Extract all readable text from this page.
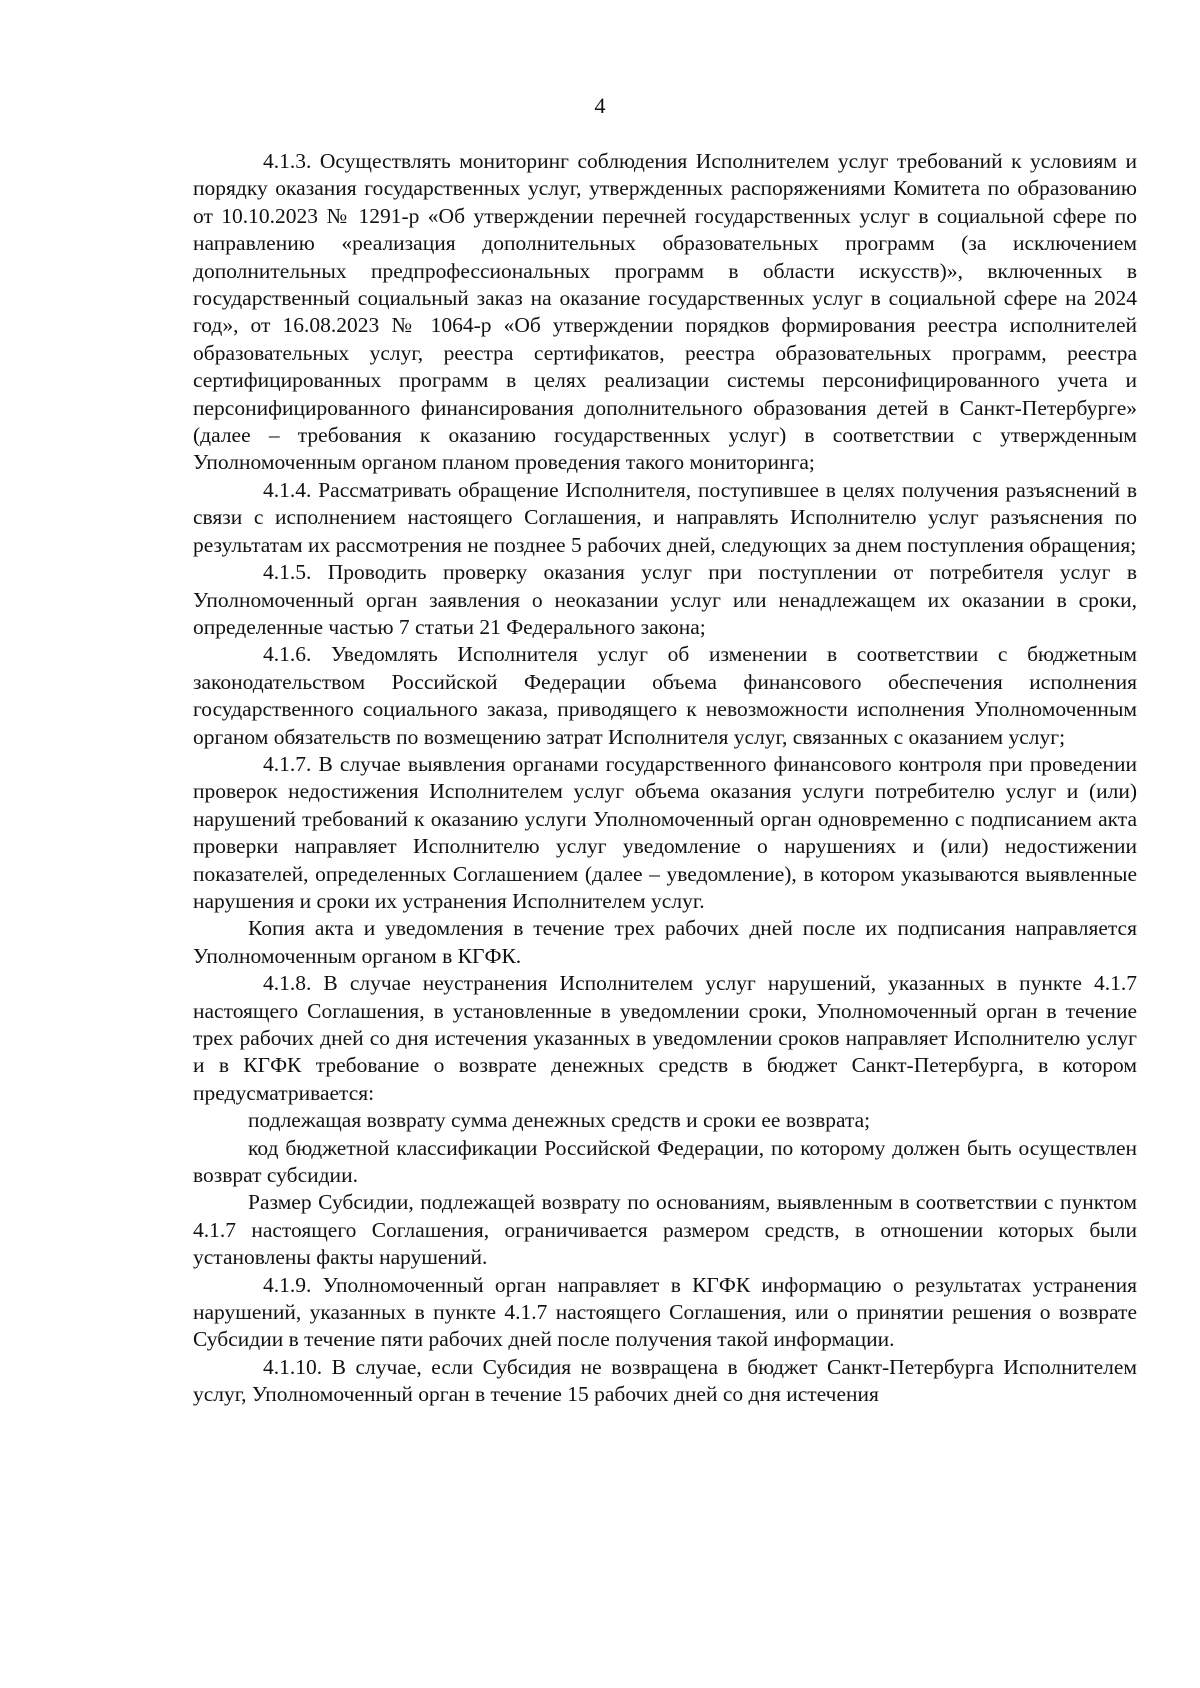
4

4.1.3. Осуществлять мониторинг соблюдения Исполнителем услуг требований к условиям и порядку оказания государственных услуг, утвержденных распоряжениями Комитета по образованию от 10.10.2023 № 1291-р «Об утверждении перечней государственных услуг в социальной сфере по направлению «реализация дополнительных образовательных программ (за исключением дополнительных предпрофессиональных программ в области искусств)», включенных в государственный социальный заказ на оказание государственных услуг в социальной сфере на 2024 год», от 16.08.2023 № 1064-р «Об утверждении порядков формирования реестра исполнителей образовательных услуг, реестра сертификатов, реестра образовательных программ, реестра сертифицированных программ в целях реализации системы персонифицированного учета и персонифицированного финансирования дополнительного образования детей в Санкт-Петербурге» (далее – требования к оказанию государственных услуг) в соответствии с утвержденным Уполномоченным органом планом проведения такого мониторинга;

4.1.4. Рассматривать обращение Исполнителя, поступившее в целях получения разъяснений в связи с исполнением настоящего Соглашения, и направлять Исполнителю услуг разъяснения по результатам их рассмотрения не позднее 5 рабочих дней, следующих за днем поступления обращения;

4.1.5. Проводить проверку оказания услуг при поступлении от потребителя услуг в Уполномоченный орган заявления о неоказании услуг или ненадлежащем их оказании в сроки, определенные частью 7 статьи 21 Федерального закона;

4.1.6. Уведомлять Исполнителя услуг об изменении в соответствии с бюджетным законодательством Российской Федерации объема финансового обеспечения исполнения государственного социального заказа, приводящего к невозможности исполнения Уполномоченным органом обязательств по возмещению затрат Исполнителя услуг, связанных с оказанием услуг;

4.1.7. В случае выявления органами государственного финансового контроля при проведении проверок недостижения Исполнителем услуг объема оказания услуги потребителю услуг и (или) нарушений требований к оказанию услуги Уполномоченный орган одновременно с подписанием акта проверки направляет Исполнителю услуг уведомление о нарушениях и (или) недостижении показателей, определенных Соглашением (далее – уведомление), в котором указываются выявленные нарушения и сроки их устранения Исполнителем услуг.

Копия акта и уведомления в течение трех рабочих дней после их подписания направляется Уполномоченным органом в КГФК.

4.1.8. В случае неустранения Исполнителем услуг нарушений, указанных в пункте 4.1.7 настоящего Соглашения, в установленные в уведомлении сроки, Уполномоченный орган в течение трех рабочих дней со дня истечения указанных в уведомлении сроков направляет Исполнителю услуг и в КГФК требование о возврате денежных средств в бюджет Санкт-Петербурга, в котором предусматривается:

подлежащая возврату сумма денежных средств и сроки ее возврата;

код бюджетной классификации Российской Федерации, по которому должен быть осуществлен возврат субсидии.

Размер Субсидии, подлежащей возврату по основаниям, выявленным в соответствии с пунктом 4.1.7 настоящего Соглашения, ограничивается размером средств, в отношении которых были установлены факты нарушений.

4.1.9. Уполномоченный орган направляет в КГФК информацию о результатах устранения нарушений, указанных в пункте 4.1.7 настоящего Соглашения, или о принятии решения о возврате Субсидии в течение пяти рабочих дней после получения такой информации.

4.1.10. В случае, если Субсидия не возвращена в бюджет Санкт-Петербурга Исполнителем услуг, Уполномоченный орган в течение 15 рабочих дней со дня истечения
